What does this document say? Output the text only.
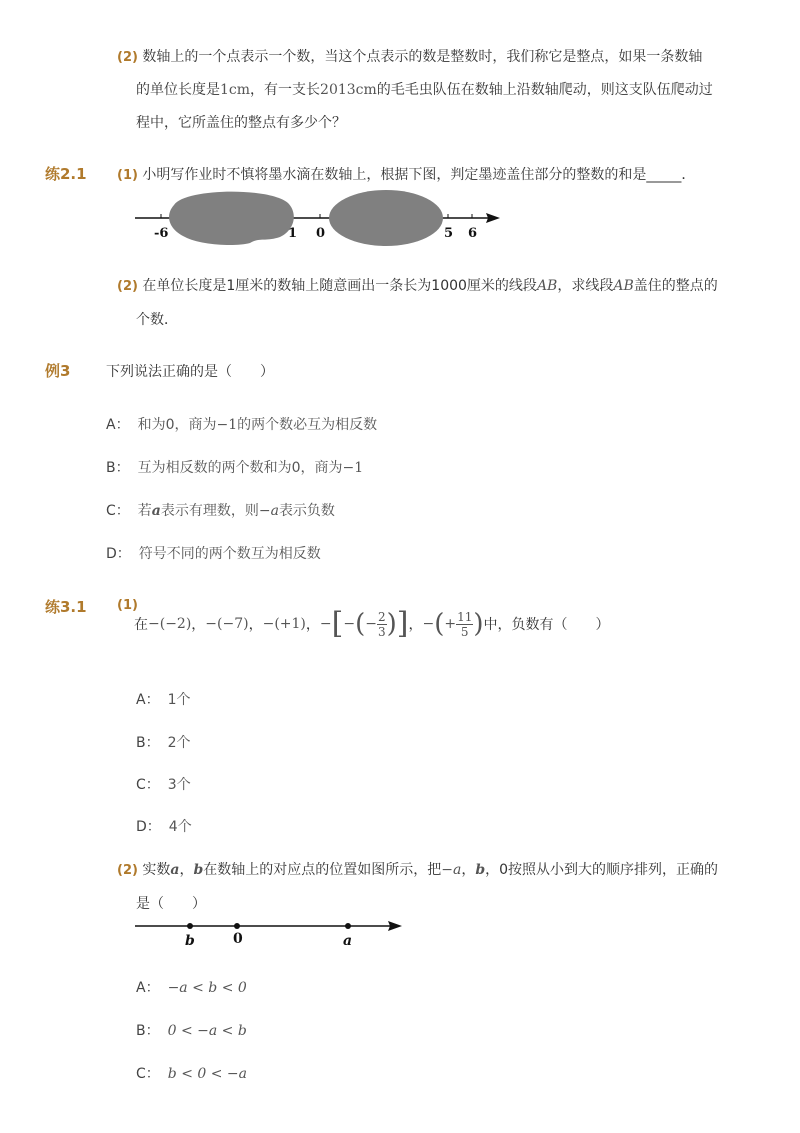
(2) 数轴上的一个点表示一个数，当这个点表示的数是整数时，我们称它是整点，如果一条数轴
的单位长度是1cm，有一支长2013cm的毛毛虫队伍在数轴上沿数轴爬动，则这支队伍爬动过
程中，它所盖住的整点有多少个？
练2.1 (1) 小明写作业时不慎将墨水滴在数轴上，根据下图，判定墨迹盖住部分的整数的和是_____．
-6	1 0	5 6
(2) 在单位长度是1厘米的数轴上随意画出一条长为1000厘米的线段AB，求线段AB盖住的整点的
个数．
例3	下列说法正确的是（　　）
A： 和为0，商为−1的两个数必互为相反数
B： 互为相反数的两个数和为0，商为−1
C： 若a表示有理数，则−a表示负数
D： 符号不同的两个数互为相反数
练3.1 (1)
在 −(−2) ， −(−7) ， −(+1) ， − [ − ( − $\frac{2}{3}$ ) ] ， − ( + $\frac{11}{5}$ ) 中，负数有（　　）
A： 1个
B： 2个
C： 3个
D： 4个
(2) 实数a，b在数轴上的对应点的位置如图所示，把−a，b，0按照从小到大的顺序排列，正确的
是（　　）
b	0	a
A： −a < b < 0
B： 0 < −a < b
C： b < 0 < −a
